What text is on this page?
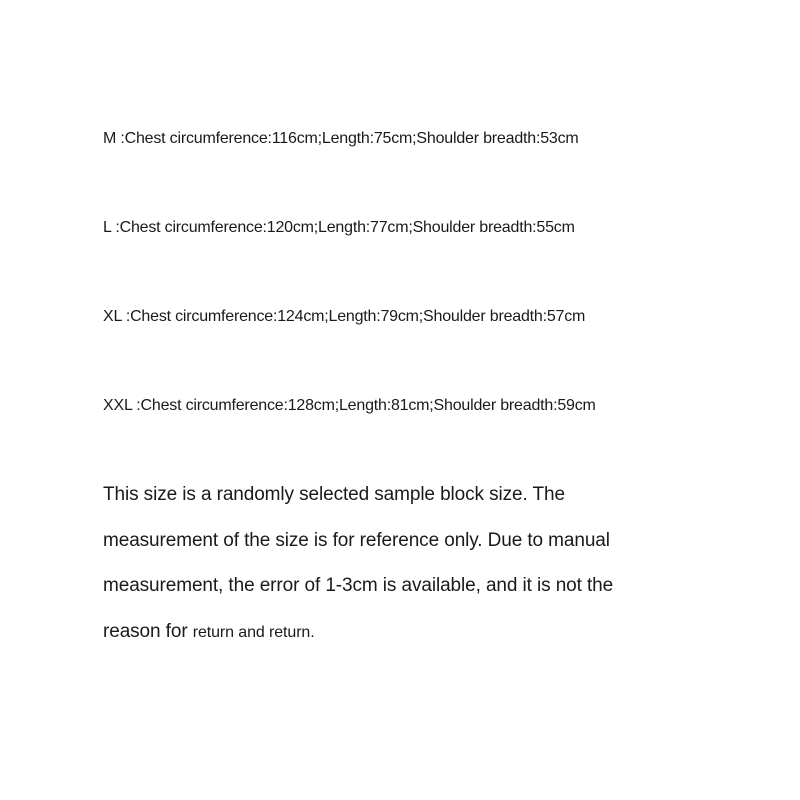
M :Chest circumference:116cm;Length:75cm;Shoulder breadth:53cm
L :Chest circumference:120cm;Length:77cm;Shoulder breadth:55cm
XL :Chest circumference:124cm;Length:79cm;Shoulder breadth:57cm
XXL :Chest circumference:128cm;Length:81cm;Shoulder breadth:59cm
This size is a randomly selected sample block size. The
measurement of the size is for reference only. Due to manual
measurement, the error of 1-3cm is available, and it is not the
reason for return and return.
